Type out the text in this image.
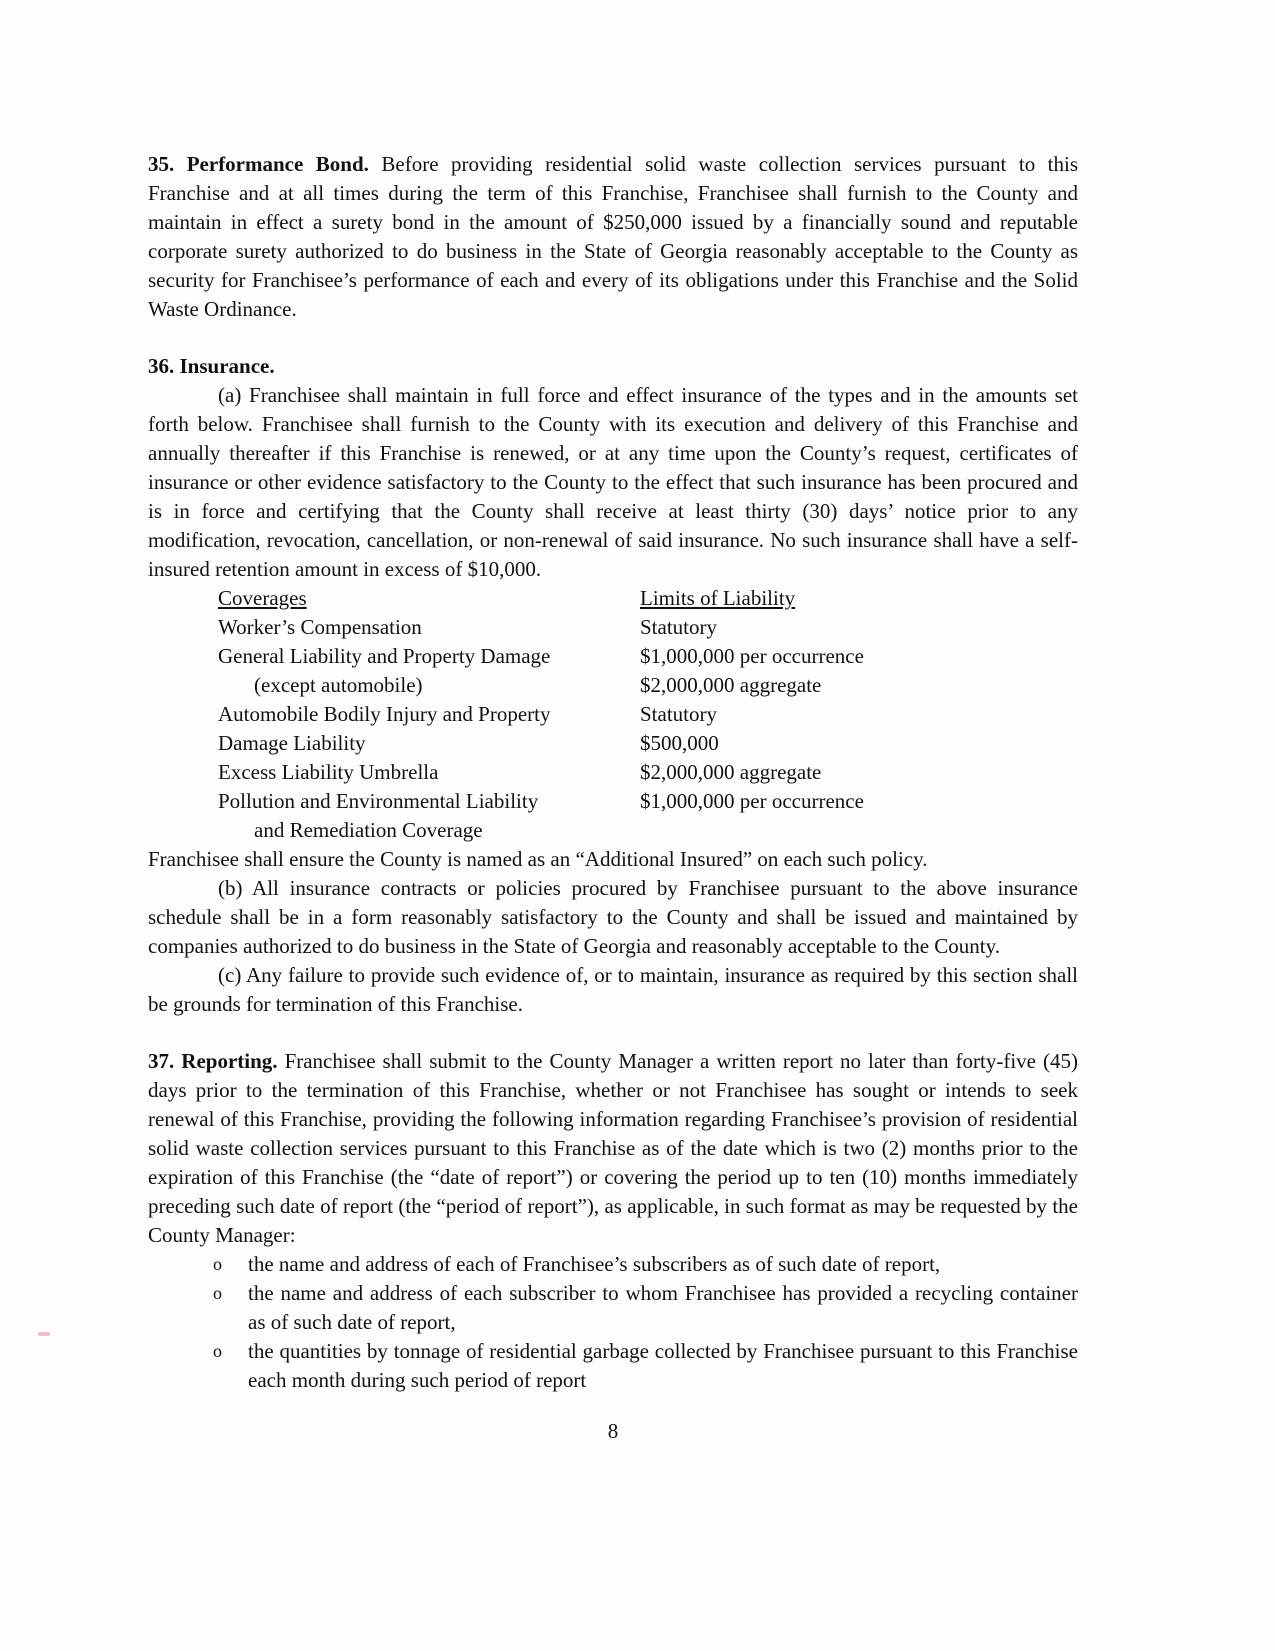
35. Performance Bond. Before providing residential solid waste collection services pursuant to this Franchise and at all times during the term of this Franchise, Franchisee shall furnish to the County and maintain in effect a surety bond in the amount of $250,000 issued by a financially sound and reputable corporate surety authorized to do business in the State of Georgia reasonably acceptable to the County as security for Franchisee’s performance of each and every of its obligations under this Franchise and the Solid Waste Ordinance.

36. Insurance.

(a) Franchisee shall maintain in full force and effect insurance of the types and in the amounts set forth below. Franchisee shall furnish to the County with its execution and delivery of this Franchise and annually thereafter if this Franchise is renewed, or at any time upon the County’s request, certificates of insurance or other evidence satisfactory to the County to the effect that such insurance has been procured and is in force and certifying that the County shall receive at least thirty (30) days’ notice prior to any modification, revocation, cancellation, or non-renewal of said insurance. No such insurance shall have a self-insured retention amount in excess of $10,000.

Coverages	Limits of Liability
Worker’s Compensation	Statutory
General Liability and Property Damage	$1,000,000 per occurrence
(except automobile)	$2,000,000 aggregate
Automobile Bodily Injury and Property	Statutory
Damage Liability	$500,000
Excess Liability Umbrella	$2,000,000 aggregate
Pollution and Environmental Liability	$1,000,000 per occurrence
and Remediation Coverage

Franchisee shall ensure the County is named as an “Additional Insured” on each such policy.

(b) All insurance contracts or policies procured by Franchisee pursuant to the above insurance schedule shall be in a form reasonably satisfactory to the County and shall be issued and maintained by companies authorized to do business in the State of Georgia and reasonably acceptable to the County.

(c) Any failure to provide such evidence of, or to maintain, insurance as required by this section shall be grounds for termination of this Franchise.

37. Reporting. Franchisee shall submit to the County Manager a written report no later than forty-five (45) days prior to the termination of this Franchise, whether or not Franchisee has sought or intends to seek renewal of this Franchise, providing the following information regarding Franchisee’s provision of residential solid waste collection services pursuant to this Franchise as of the date which is two (2) months prior to the expiration of this Franchise (the “date of report”) or covering the period up to ten (10) months immediately preceding such date of report (the “period of report”), as applicable, in such format as may be requested by the County Manager:

o	the name and address of each of Franchisee’s subscribers as of such date of report,
o	the name and address of each subscriber to whom Franchisee has provided a recycling container as of such date of report,
o	the quantities by tonnage of residential garbage collected by Franchisee pursuant to this Franchise each month during such period of report
8
